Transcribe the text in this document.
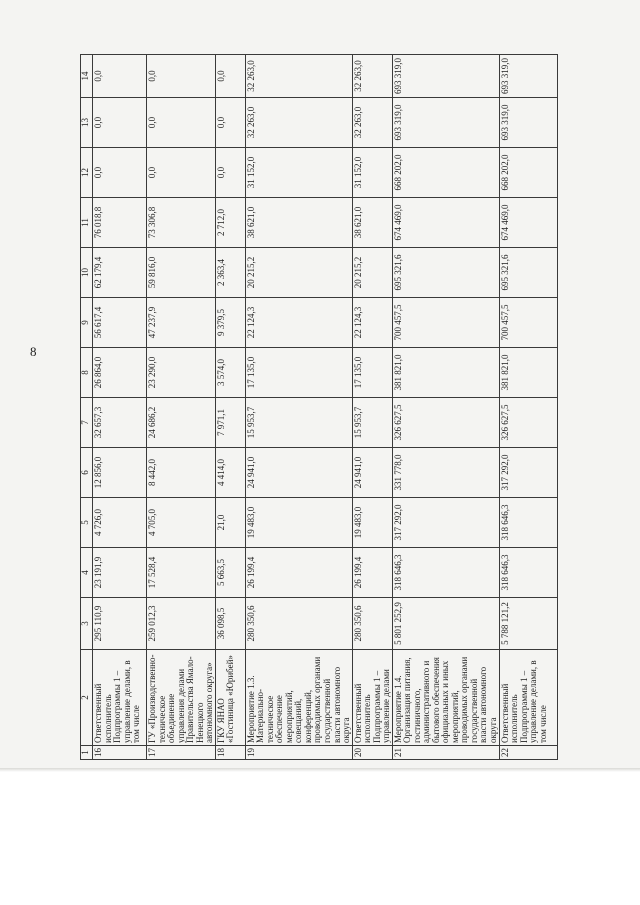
1	2	3	4	5	6	7	8	9	10	11	12	13	14
16	Ответственный исполнитель Подпрограммы 1 – управление делами, в том числе	295 110,9	23 191,9	4 726,0	12 856,0	32 657,3	26 864,0	56 617,4	62 179,4	76 018,8	0,0	0,0	0,0
17	ГУ «Производственно-техническое объединение управления делами Правительства Ямало-Ненецкого автономного округа»	259 012,3	17 528,4	4 705,0	8 442,0	24 686,2	23 290,0	47 237,9	59 816,0	73 306,8	0,0	0,0	0,0
18	ГКУ ЯНАО «Гостиница «Юрибей»	36 098,5	5 663,5	21,0	4 414,0	7 971,1	3 574,0	9 379,5	2 363,4	2 712,0	0,0	0,0	0,0
19	Мероприятие 1.3. Материально-техническое обеспечение мероприятий, совещаний, конференций, проводимых органами государственной власти автономного округа	280 350,6	26 199,4	19 483,0	24 941,0	15 953,7	17 135,0	22 124,3	20 215,2	38 621,0	31 152,0	32 263,0	32 263,0
20	Ответственный исполнитель Подпрограммы 1 – управление делами	280 350,6	26 199,4	19 483,0	24 941,0	15 953,7	17 135,0	22 124,3	20 215,2	38 621,0	31 152,0	32 263,0	32 263,0
21	Мероприятие 1.4. Организация питания, гостиничного, административного и бытового обеспечения официальных и иных мероприятий, проводимых органами государственной власти автономного округа	5 801 252,9	318 646,3	317 292,0	331 778,0	326 627,5	381 821,0	700 457,5	695 321,6	674 469,0	668 202,0	693 319,0	693 319,0
22	Ответственный исполнитель Подпрограммы 1 – управление делами, в том числе	5 788 121,2	318 646,3	318 646,3	317 292,0	326 627,5	381 821,0	700 457,5	695 321,6	674 469,0	668 202,0	693 319,0	693 319,0
8
